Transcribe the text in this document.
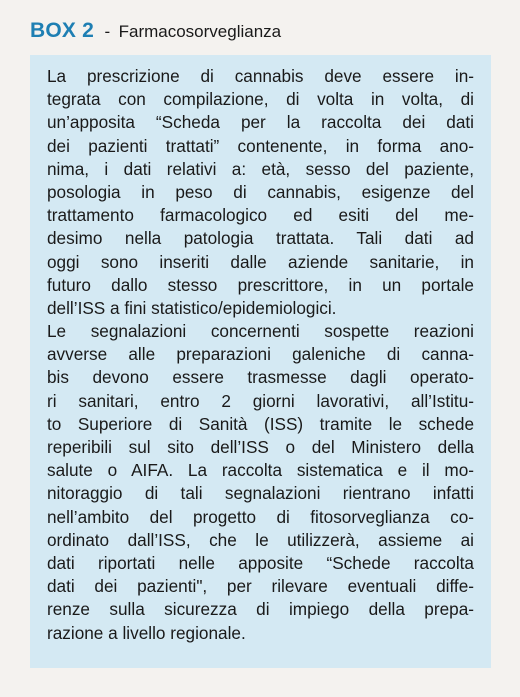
BOX 2 - Farmacosorveglianza
La prescrizione di cannabis deve essere in-
tegrata con compilazione, di volta in volta, di
un’apposita “Scheda per la raccolta dei dati
dei pazienti trattati” contenente, in forma ano-
nima, i dati relativi a: età, sesso del paziente,
posologia in peso di cannabis, esigenze del
trattamento farmacologico ed esiti del me-
desimo nella patologia trattata. Tali dati ad
oggi sono inseriti dalle aziende sanitarie, in
futuro dallo stesso prescrittore, in un portale
dell’ISS a fini statistico/epidemiologici.
Le segnalazioni concernenti sospette reazioni
avverse alle preparazioni galeniche di canna-
bis devono essere trasmesse dagli operato-
ri sanitari, entro 2 giorni lavorativi, all’Istitu-
to Superiore di Sanità (ISS) tramite le schede
reperibili sul sito dell’ISS o del Ministero della
salute o AIFA. La raccolta sistematica e il mo-
nitoraggio di tali segnalazioni rientrano infatti
nell’ambito del progetto di fitosorveglianza co-
ordinato dall’ISS, che le utilizzerà, assieme ai
dati riportati nelle apposite “Schede raccolta
dati dei pazienti", per rilevare eventuali diffe-
renze sulla sicurezza di impiego della prepa-
razione a livello regionale.
